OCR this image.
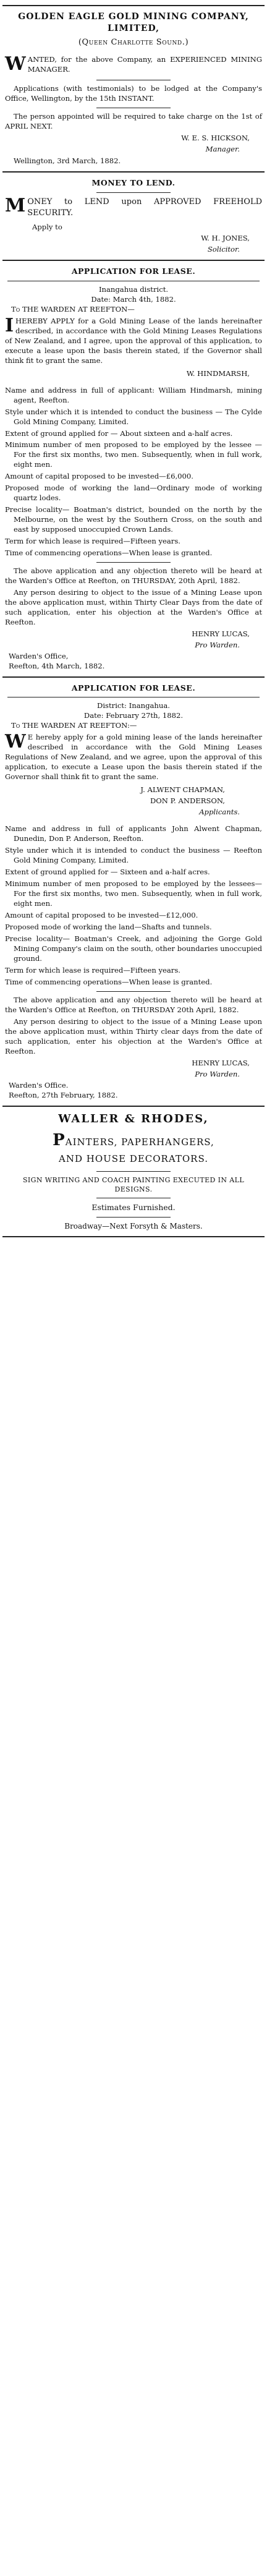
GOLDEN EAGLE GOLD MINING COMPANY, LIMITED,
(Queen Charlotte Sound.)

WANTED, for the above Company, an EXPERIENCED MINING MANAGER.

Applications (with testimonials) to be lodged at the Company's Office, Wellington, by the 15th INSTANT.

The person appointed will be required to take charge on the 1st of APRIL NEXT.

W. E. S. HICKSON,
Manager.

Wellington, 3rd March, 1882.

MONEY TO LEND.

MONEY to LEND upon APPROVED FREEHOLD SECURITY.

Apply to

W. H. JONES,
Solicitor.
APPLICATION FOR LEASE.
Inangahua district.
Date: March 4th, 1882.
To THE WARDEN AT REEFTON—

IHEREBY APPLY for a Gold Mining Lease of the lands hereinafter described, in accordance with the Gold Mining Leases Regulations of New Zealand, and I agree, upon the approval of this application, to execute a lease upon the basis therein stated, if the Governor shall think fit to grant the same.

W. HINDMARSH,

Name and address in full of applicant: William Hindmarsh, mining agent, Reefton.

Style under which it is intended to conduct the business — The Cylde Gold Mining Company, Limited.

Extent of ground applied for — About sixteen and a-half acres.

Minimum number of men proposed to be employed by the lessee — For the first six months, two men. Subsequently, when in full work, eight men.

Amount of capital proposed to be invested—£6,000.

Proposed mode of working the land—Ordinary mode of working quartz lodes.

Precise locality— Boatman's district, bounded on the north by the Melbourne, on the west by the Southern Cross, on the south and east by supposed unoccupied Crown Lands.

Term for which lease is required—Fifteen years.

Time of commencing operations—When lease is granted.

The above application and any objection thereto will be heard at the Warden's Office at Reefton, on THURSDAY, 20th April, 1882.

Any person desiring to object to the issue of a Mining Lease upon the above application must, within Thirty Clear Days from the date of such application, enter his objection at the Warden's Office at Reefton.

HENRY LUCAS,
Pro Warden.
Warden's Office,
Reefton, 4th March, 1882.
APPLICATION FOR LEASE.
District: Inangahua.
Date: February 27th, 1882.
To THE WARDEN AT REEFTON:—

W E hereby apply for a gold mining lease of the lands hereinafter described in accordance with the Gold Mining Leases Regulations of New Zealand, and we agree, upon the approval of this application, to execute a Lease upon the basis therein stated if the Governor shall think fit to grant the same.

J. ALWENT CHAPMAN,
DON P. ANDERSON,
Applicants.

Name and address in full of applicants John Alwent Chapman, Dunedin, Don P. Anderson, Reefton.

Style under which it is intended to conduct the business — Reefton Gold Mining Company, Limited.

Extent of ground applied for — Sixteen and a-half acres.

Minimum number of men proposed to be employed by the lessees—For the first six months, two men. Subsequently, when in full work, eight men.

Amount of capital proposed to be invested—£12,000.

Proposed mode of working the land—Shafts and tunnels.

Precise locality— Boatman's Creek, and adjoining the Gorge Gold Mining Company's claim on the south, other boundaries unoccupied ground.

Term for which lease is required—Fifteen years.

Time of commencing operations—When lease is granted.

The above application and any objection thereto will be heard at the Warden's Office at Reefton, on THURSDAY 20th April, 1882.

Any person desiring to object to the issue of a Mining Lease upon the above application must, within Thirty clear days from the date of such application, enter his objection at the Warden's Office at Reefton.

HENRY LUCAS,
Pro Warden.
Warden's Office.
Reefton, 27th February, 1882.
WALLER & RHODES,

PAINTERS, PAPERHANGERS,

AND HOUSE DECORATORS.

SIGN WRITING AND COACH PAINTING EXECUTED IN ALL DESIGNS.

Estimates Furnished.
Broadway—Next Forsyth & Masters.
